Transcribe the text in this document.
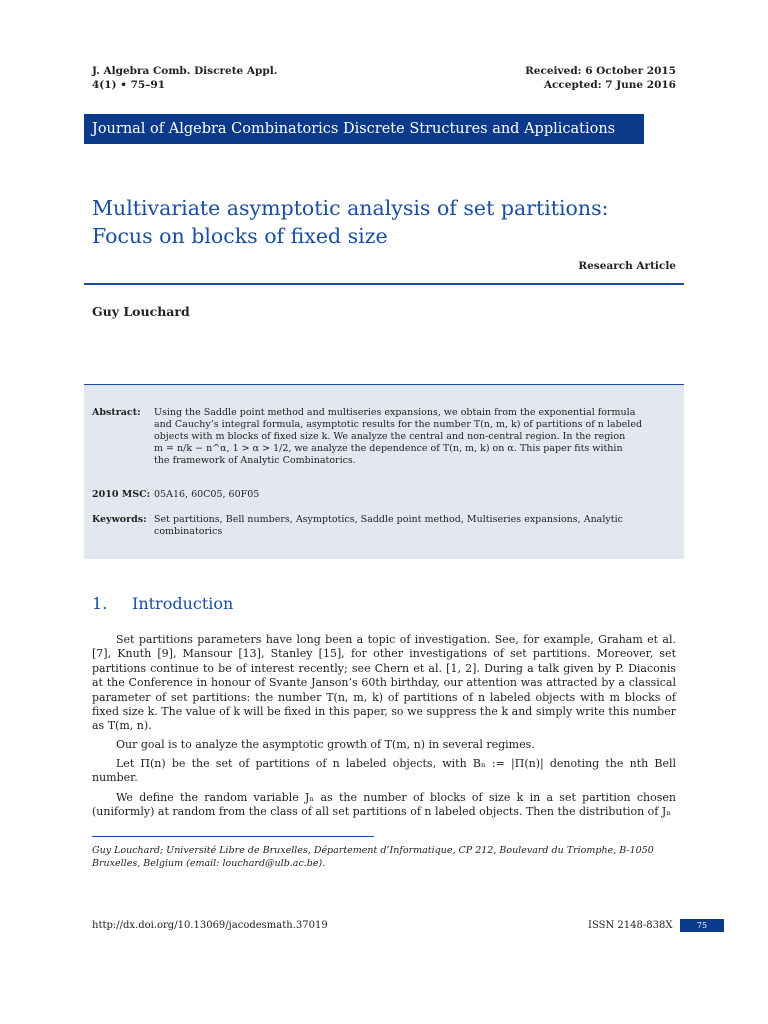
J. Algebra Comb. Discrete Appl.
4(1) • 75–91
Received: 6 October 2015
Accepted: 7 June 2016
Journal of Algebra Combinatorics Discrete Structures and Applications
Multivariate asymptotic analysis of set partitions:
Focus on blocks of fixed size
Research Article
Guy Louchard
Abstract: Using the Saddle point method and multiseries expansions, we obtain from the exponential formula
and Cauchy’s integral formula, asymptotic results for the number T(n, m, k) of partitions of n labeled
objects with m blocks of fixed size k. We analyze the central and non-central region. In the region
m = n/k − n^α, 1 > α > 1/2, we analyze the dependence of T(n, m, k) on α. This paper fits within
the framework of Analytic Combinatorics.
2010 MSC: 05A16, 60C05, 60F05
Keywords: Set partitions, Bell numbers, Asymptotics, Saddle point method, Multiseries expansions, Analytic
combinatorics
1. Introduction
Set partitions parameters have long been a topic of investigation. See, for example, Graham et al. [7], Knuth [9], Mansour [13], Stanley [15], for other investigations of set partitions. Moreover, set partitions continue to be of interest recently; see Chern et al. [1, 2]. During a talk given by P. Diaconis at the Conference in honour of Svante Janson’s 60th birthday, our attention was attracted by a classical parameter of set partitions: the number T(n, m, k) of partitions of n labeled objects with m blocks of fixed size k. The value of k will be fixed in this paper, so we suppress the k and simply write this number as T(m, n).
Our goal is to analyze the asymptotic growth of T(m, n) in several regimes.
Let Π(n) be the set of partitions of n labeled objects, with Bₙ := |Π(n)| denoting the nth Bell number.
We define the random variable Jₙ as the number of blocks of size k in a set partition chosen (uniformly) at random from the class of all set partitions of n labeled objects. Then the distribution of Jₙ
Guy Louchard; Université Libre de Bruxelles, Département d’Informatique, CP 212, Boulevard du Triomphe, B-1050 Bruxelles, Belgium (email: louchard@ulb.ac.be).
http://dx.doi.org/10.13069/jacodesmath.37019	ISSN 2148-838X	75
